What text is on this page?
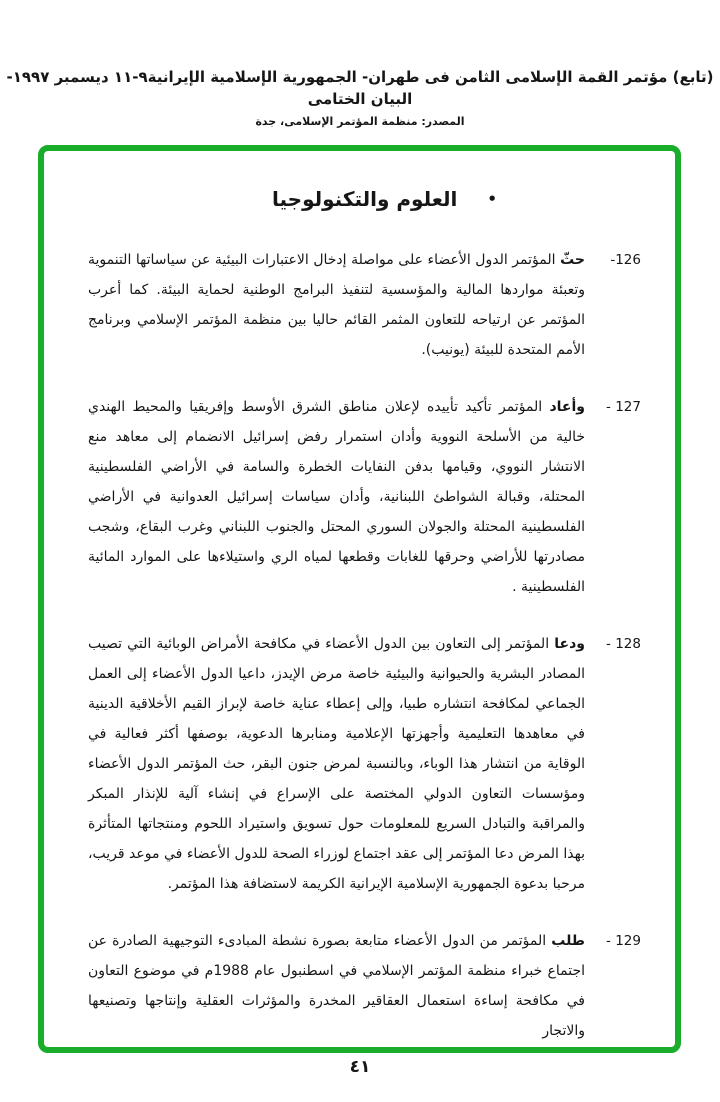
(تابع) مؤتمر القمة الإسلامى الثامن فى طهران- الجمهورية الإسلامية الإيرانية٩-١١ ديسمبر ١٩٩٧- البيان الختامى
المصدر: منظمة المؤتمر الإسلامى، جدة
•
العلوم والتكنولوجيا
126-

حثّ المؤتمر الدول الأعضاء على مواصلة إدخال الاعتبارات البيئية عن سياساتها التنموية وتعبئة مواردها المالية والمؤسسية لتنفيذ البرامج الوطنية لحماية البيئة. كما أعرب المؤتمر عن ارتياحه للتعاون المثمر القائم حاليا بين منظمة المؤتمر الإسلامي وبرنامج الأمم المتحدة للبيئة (يونيب).

127 -

وأعاد المؤتمر تأكيد تأييده لإعلان مناطق الشرق الأوسط وإفريقيا والمحيط الهندي خالية من الأسلحة النووية وأدان استمرار رفض إسرائيل الانضمام إلى معاهد منع الانتشار النووي، وقيامها بدفن النفايات الخطرة والسامة في الأراضي الفلسطينية المحتلة، وقبالة الشواطئ اللبنانية، وأدان سياسات إسرائيل العدوانية في الأراضي الفلسطينية المحتلة والجولان السوري المحتل والجنوب اللبناني وغرب البقاع، وشجب مصادرتها للأراضي وحرقها للغابات وقطعها لمياه الري واستيلاءها على الموارد المائية الفلسطينية .

128 -

ودعا المؤتمر إلى التعاون بين الدول الأعضاء في مكافحة الأمراض الوبائية التي تصيب المصادر البشرية والحيوانية والبيئية خاصة مرض الإيدز، داعيا الدول الأعضاء إلى العمل الجماعي لمكافحة انتشاره طبيا، وإلى إعطاء عناية خاصة لإبراز القيم الأخلاقية الدينية في معاهدها التعليمية وأجهزتها الإعلامية ومنابرها الدعوية، بوصفها أكثر فعالية في الوقاية من انتشار هذا الوباء، وبالنسبة لمرض جنون البقر، حث المؤتمر الدول الأعضاء ومؤسسات التعاون الدولي المختصة على الإسراع في إنشاء آلية للإنذار المبكر والمراقبة والتبادل السريع للمعلومات حول تسويق واستيراد اللحوم ومنتجاتها المتأثرة بهذا المرض دعا المؤتمر إلى عقد اجتماع لوزراء الصحة للدول الأعضاء في موعد قريب، مرحبا بدعوة الجمهورية الإسلامية الإيرانية الكريمة لاستضافة هذا المؤتمر.

129 -

طلب المؤتمر من الدول الأعضاء متابعة بصورة نشطة المبادىء التوجيهية الصادرة عن اجتماع خبراء منظمة المؤتمر الإسلامي في اسطنبول عام 1988م في موضوع التعاون في مكافحة إساءة استعمال العقاقير المخدرة والمؤثرات العقلية وإنتاجها وتصنيعها والاتجار

٤١
